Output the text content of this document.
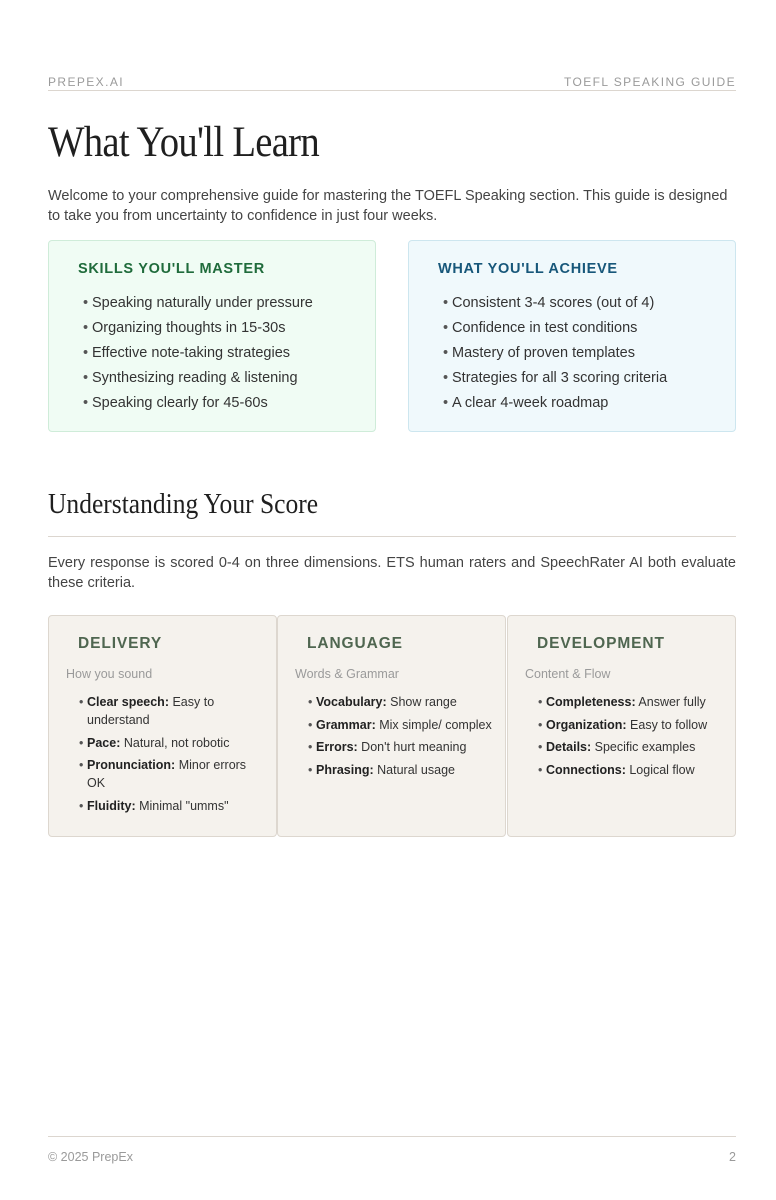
PREPEX.AI	TOEFL SPEAKING GUIDE
What You'll Learn

Welcome to your comprehensive guide for mastering the TOEFL Speaking section. This guide is designed to take you from uncertainty to confidence in just four weeks.

SKILLS YOU'LL MASTER
• Speaking naturally under pressure
• Organizing thoughts in 15-30s
• Effective note-taking strategies
• Synthesizing reading & listening
• Speaking clearly for 45-60s
WHAT YOU'LL ACHIEVE
• Consistent 3-4 scores (out of 4)
• Confidence in test conditions
• Mastery of proven templates
• Strategies for all 3 scoring criteria
• A clear 4-week roadmap
Understanding Your Score

Every response is scored 0-4 on three dimensions. ETS human raters and SpeechRater AI both evaluate these criteria.

DELIVERY
How you sound
• Clear speech: Easy to understand
• Pace: Natural, not robotic
• Pronunciation: Minor errors OK
• Fluidity: Minimal "umms"
LANGUAGE
Words & Grammar
• Vocabulary: Show range
• Grammar: Mix simple/ complex
• Errors: Don't hurt meaning
• Phrasing: Natural usage
DEVELOPMENT
Content & Flow
• Completeness: Answer fully
• Organization: Easy to follow
• Details: Specific examples
• Connections: Logical flow
© 2025 PrepEx	2
